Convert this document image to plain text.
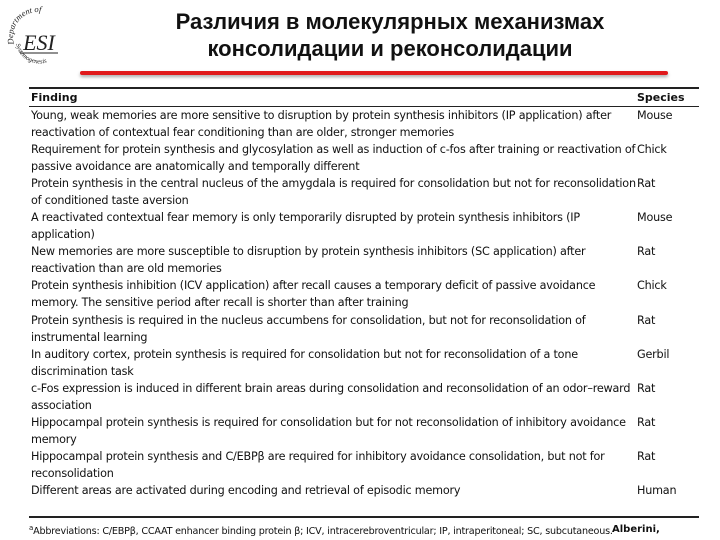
Department of
ESI
Systemogenesis
Различия в молекулярных механизмах
консолидации и реконсолидации
Finding	Species
Young, weak memories are more sensitive to disruption by protein synthesis inhibitors (IP application) after reactivation of contextual fear conditioning than are older, stronger memories
Mouse
Requirement for protein synthesis and glycosylation as well as induction of c-fos after training or reactivation of passive avoidance are anatomically and temporally different
Chick
Protein synthesis in the central nucleus of the amygdala is required for consolidation but not for reconsolidation of conditioned taste aversion
Rat
A reactivated contextual fear memory is only temporarily disrupted by protein synthesis inhibitors (IP application)
Mouse
New memories are more susceptible to disruption by protein synthesis inhibitors (SC application) after reactivation than are old memories
Rat
Protein synthesis inhibition (ICV application) after recall causes a temporary deficit of passive avoidance memory. The sensitive period after recall is shorter than after training
Chick
Protein synthesis is required in the nucleus accumbens for consolidation, but not for reconsolidation of instrumental learning
Rat
In auditory cortex, protein synthesis is required for consolidation but not for reconsolidation of a tone discrimination task
Gerbil
c-Fos expression is induced in different brain areas during consolidation and reconsolidation of an odor–reward association
Rat
Hippocampal protein synthesis is required for consolidation but for not reconsolidation of inhibitory avoidance memory
Rat
Hippocampal protein synthesis and C/EBPβ are required for inhibitory avoidance consolidation, but not for reconsolidation
Rat
Different areas are activated during encoding and retrieval of episodic memory	Human
$^a$Abbreviations: C/EBPβ, CCAAT enhancer binding protein β; ICV, intracerebroventricular; IP, intraperitoneal; SC, subcutaneous. Alberini,
